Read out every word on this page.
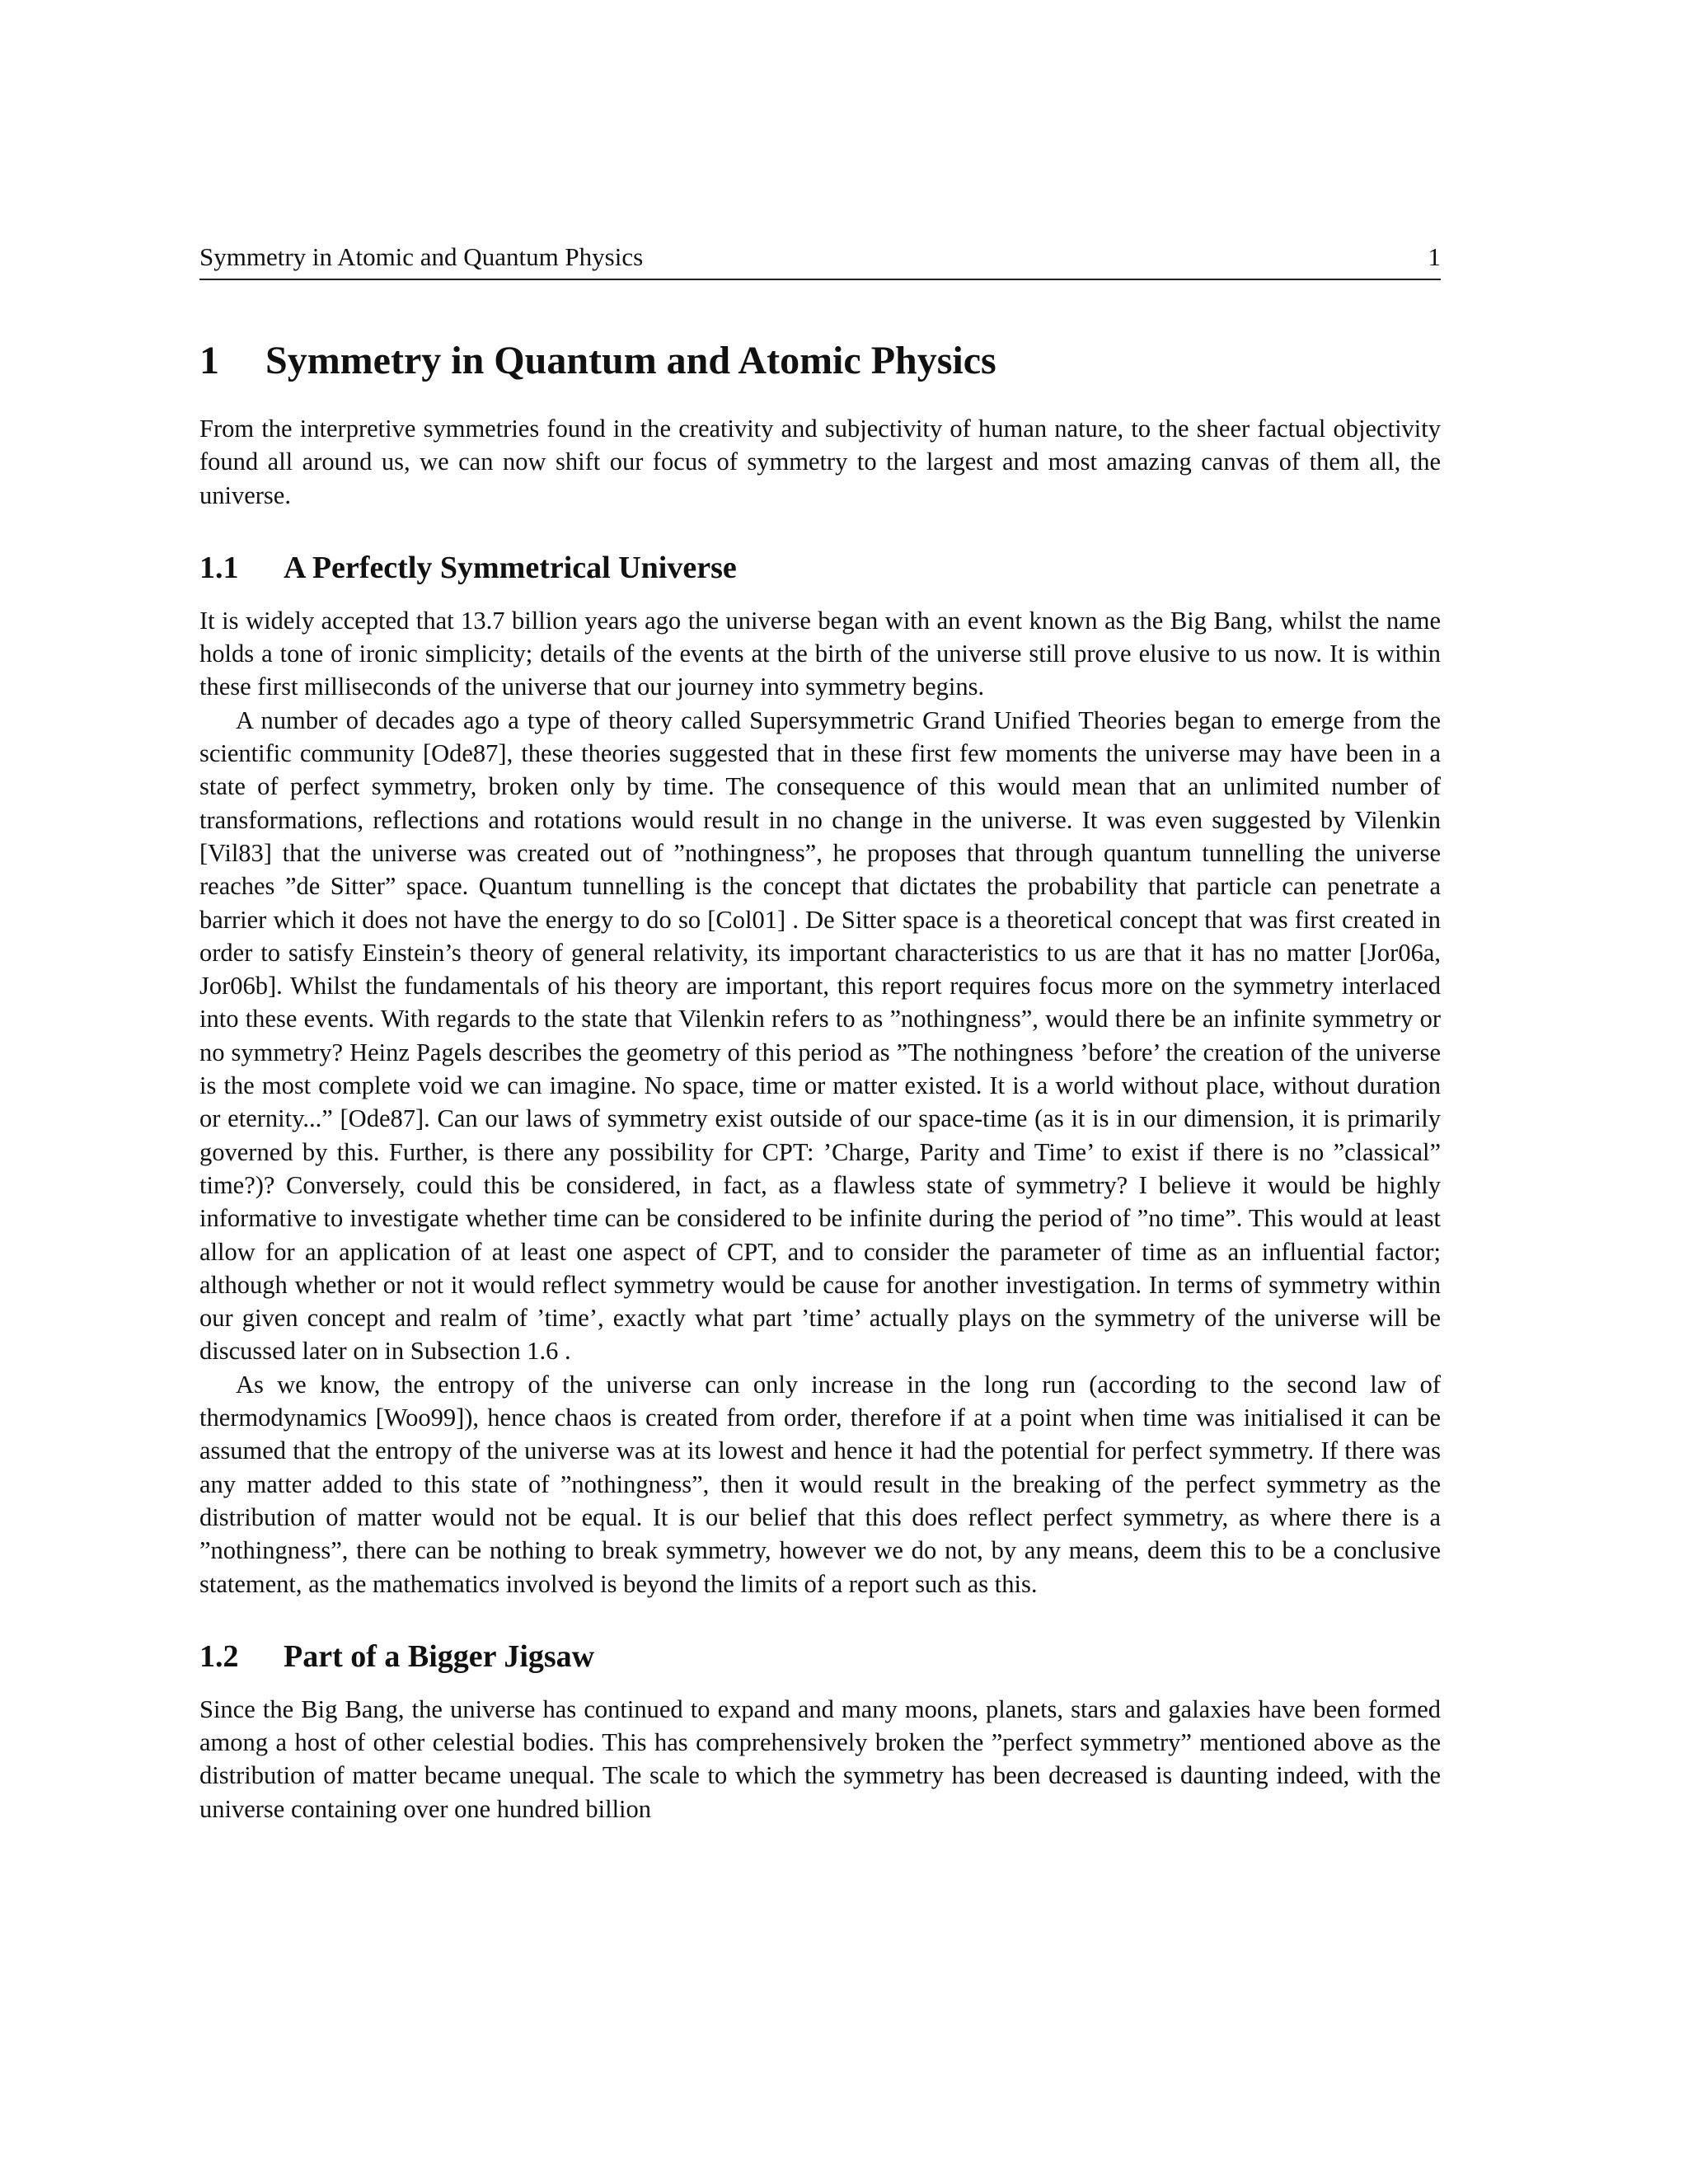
Symmetry in Atomic and Quantum Physics	1
1 Symmetry in Quantum and Atomic Physics

From the interpretive symmetries found in the creativity and subjectivity of human nature, to the sheer factual objectivity found all around us, we can now shift our focus of symmetry to the largest and most amazing canvas of them all, the universe.

1.1 A Perfectly Symmetrical Universe

It is widely accepted that 13.7 billion years ago the universe began with an event known as the Big Bang, whilst the name holds a tone of ironic simplicity; details of the events at the birth of the universe still prove elusive to us now. It is within these first milliseconds of the universe that our journey into symmetry begins.

A number of decades ago a type of theory called Supersymmetric Grand Unified Theories began to emerge from the scientific community [Ode87], these theories suggested that in these first few moments the universe may have been in a state of perfect symmetry, broken only by time. The consequence of this would mean that an unlimited number of transformations, reflections and rotations would result in no change in the universe. It was even suggested by Vilenkin [Vil83] that the universe was created out of ”nothingness”, he proposes that through quantum tunnelling the universe reaches ”de Sitter” space. Quantum tunnelling is the concept that dictates the probability that particle can penetrate a barrier which it does not have the energy to do so [Col01] . De Sitter space is a theoretical concept that was first created in order to satisfy Einstein’s theory of general relativity, its important characteristics to us are that it has no matter [Jor06a, Jor06b]. Whilst the fundamentals of his theory are important, this report requires focus more on the symmetry interlaced into these events. With regards to the state that Vilenkin refers to as ”nothingness”, would there be an infinite symmetry or no symmetry? Heinz Pagels describes the geometry of this period as ”The nothingness ’before’ the creation of the universe is the most complete void we can imagine. No space, time or matter existed. It is a world without place, without duration or eternity...” [Ode87]. Can our laws of symmetry exist outside of our space-time (as it is in our dimension, it is primarily governed by this. Further, is there any possibility for CPT: ’Charge, Parity and Time’ to exist if there is no ”classical” time?)? Conversely, could this be considered, in fact, as a flawless state of symmetry? I believe it would be highly informative to investigate whether time can be considered to be infinite during the period of ”no time”. This would at least allow for an application of at least one aspect of CPT, and to consider the parameter of time as an influential factor; although whether or not it would reflect symmetry would be cause for another investigation. In terms of symmetry within our given concept and realm of ’time’, exactly what part ’time’ actually plays on the symmetry of the universe will be discussed later on in Subsection 1.6 .

As we know, the entropy of the universe can only increase in the long run (according to the second law of thermodynamics [Woo99]), hence chaos is created from order, therefore if at a point when time was initialised it can be assumed that the entropy of the universe was at its lowest and hence it had the potential for perfect symmetry. If there was any matter added to this state of ”nothingness”, then it would result in the breaking of the perfect symmetry as the distribution of matter would not be equal. It is our belief that this does reflect perfect symmetry, as where there is a ”nothingness”, there can be nothing to break symmetry, however we do not, by any means, deem this to be a conclusive statement, as the mathematics involved is beyond the limits of a report such as this.

1.2 Part of a Bigger Jigsaw

Since the Big Bang, the universe has continued to expand and many moons, planets, stars and galaxies have been formed among a host of other celestial bodies. This has comprehensively broken the ”perfect symmetry” mentioned above as the distribution of matter became unequal. The scale to which the symmetry has been decreased is daunting indeed, with the universe containing over one hundred billion
